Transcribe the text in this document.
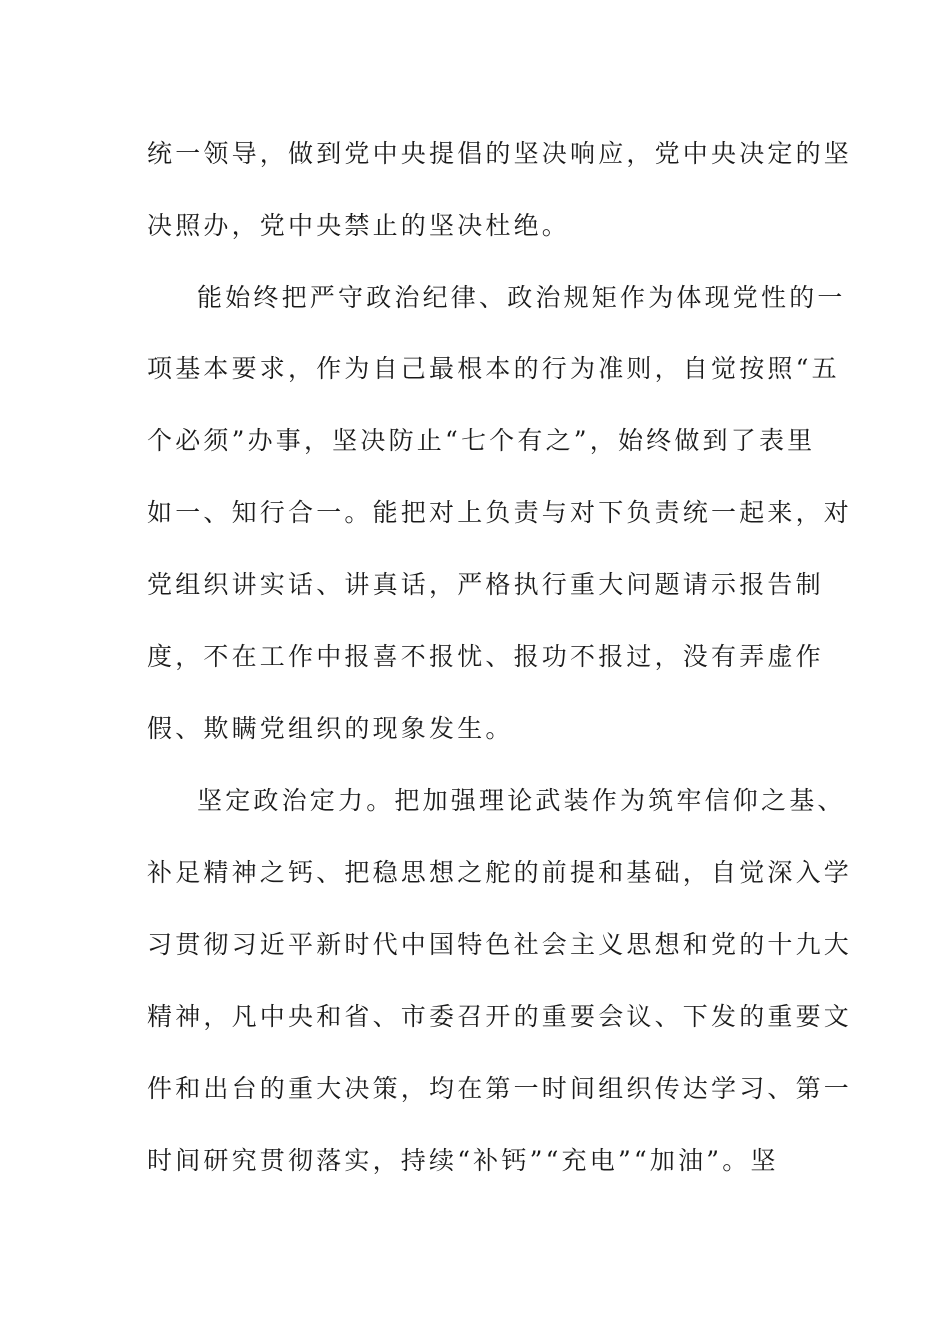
统一领导，做到党中央提倡的坚决响应，党中央决定的坚
决照办，党中央禁止的坚决杜绝。
能始终把严守政治纪律、政治规矩作为体现党性的一
项基本要求，作为自己最根本的行为准则，自觉按照“五
个必须”办事，坚决防止“七个有之”，始终做到了表里
如一、知行合一。能把对上负责与对下负责统一起来，对
党组织讲实话、讲真话，严格执行重大问题请示报告制
度，不在工作中报喜不报忧、报功不报过，没有弄虚作
假、欺瞒党组织的现象发生。
坚定政治定力。把加强理论武装作为筑牢信仰之基、
补足精神之钙、把稳思想之舵的前提和基础，自觉深入学
习贯彻习近平新时代中国特色社会主义思想和党的十九大
精神，凡中央和省、市委召开的重要会议、下发的重要文
件和出台的重大决策，均在第一时间组织传达学习、第一
时间研究贯彻落实，持续“补钙”“充电”“加油”。坚
